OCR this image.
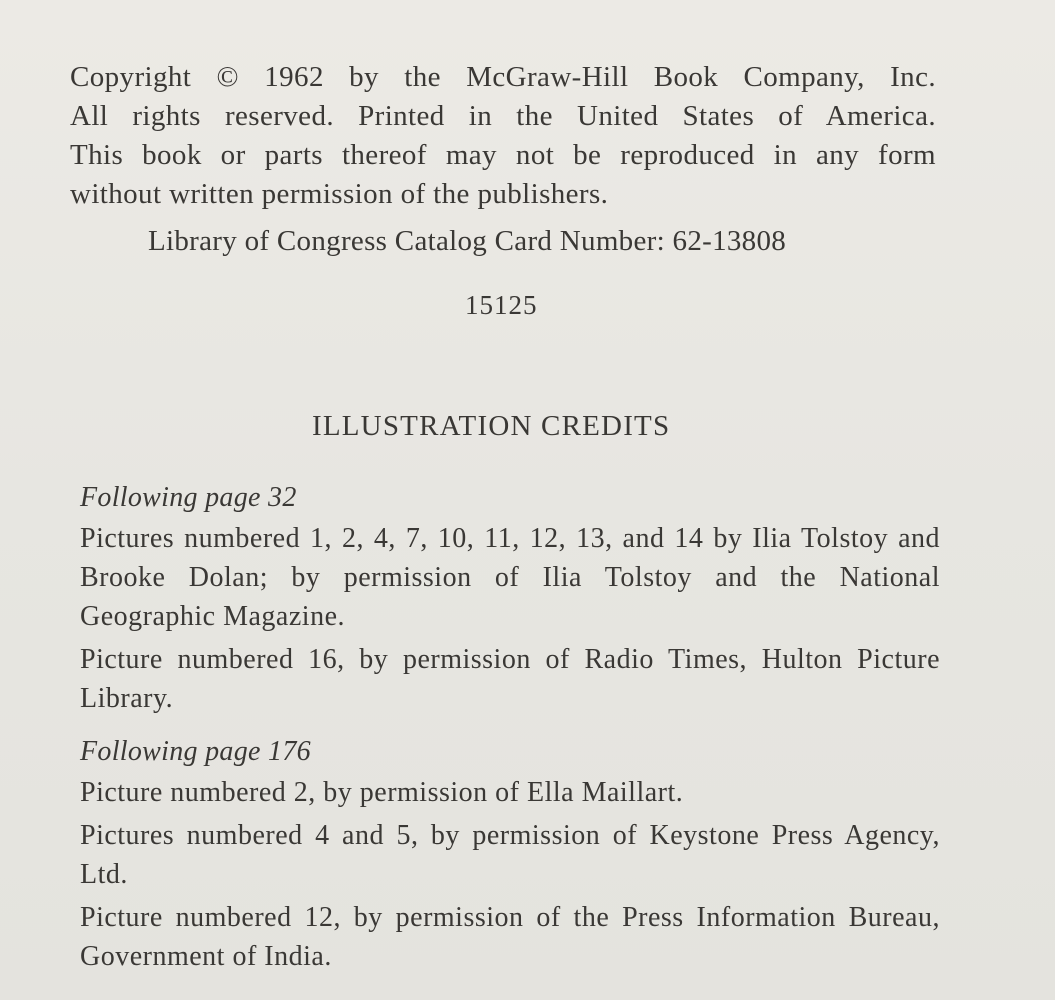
Copyright © 1962 by the McGraw-Hill Book Company, Inc.
All rights reserved. Printed in the United States of America.
This book or parts thereof may not be reproduced in any form
without written permission of the publishers.
Library of Congress Catalog Card Number: 62-13808
15125
ILLUSTRATION CREDITS

Following page 32

Pictures numbered 1, 2, 4, 7, 10, 11, 12, 13, and 14 by Ilia Tolstoy and Brooke Dolan; by permission of Ilia Tolstoy and the National Geographic Magazine.

Picture numbered 16, by permission of Radio Times, Hulton Picture Library.

Following page 176

Picture numbered 2, by permission of Ella Maillart.

Pictures numbered 4 and 5, by permission of Keystone Press Agency, Ltd.

Picture numbered 12, by permission of the Press Information Bureau, Government of India.
